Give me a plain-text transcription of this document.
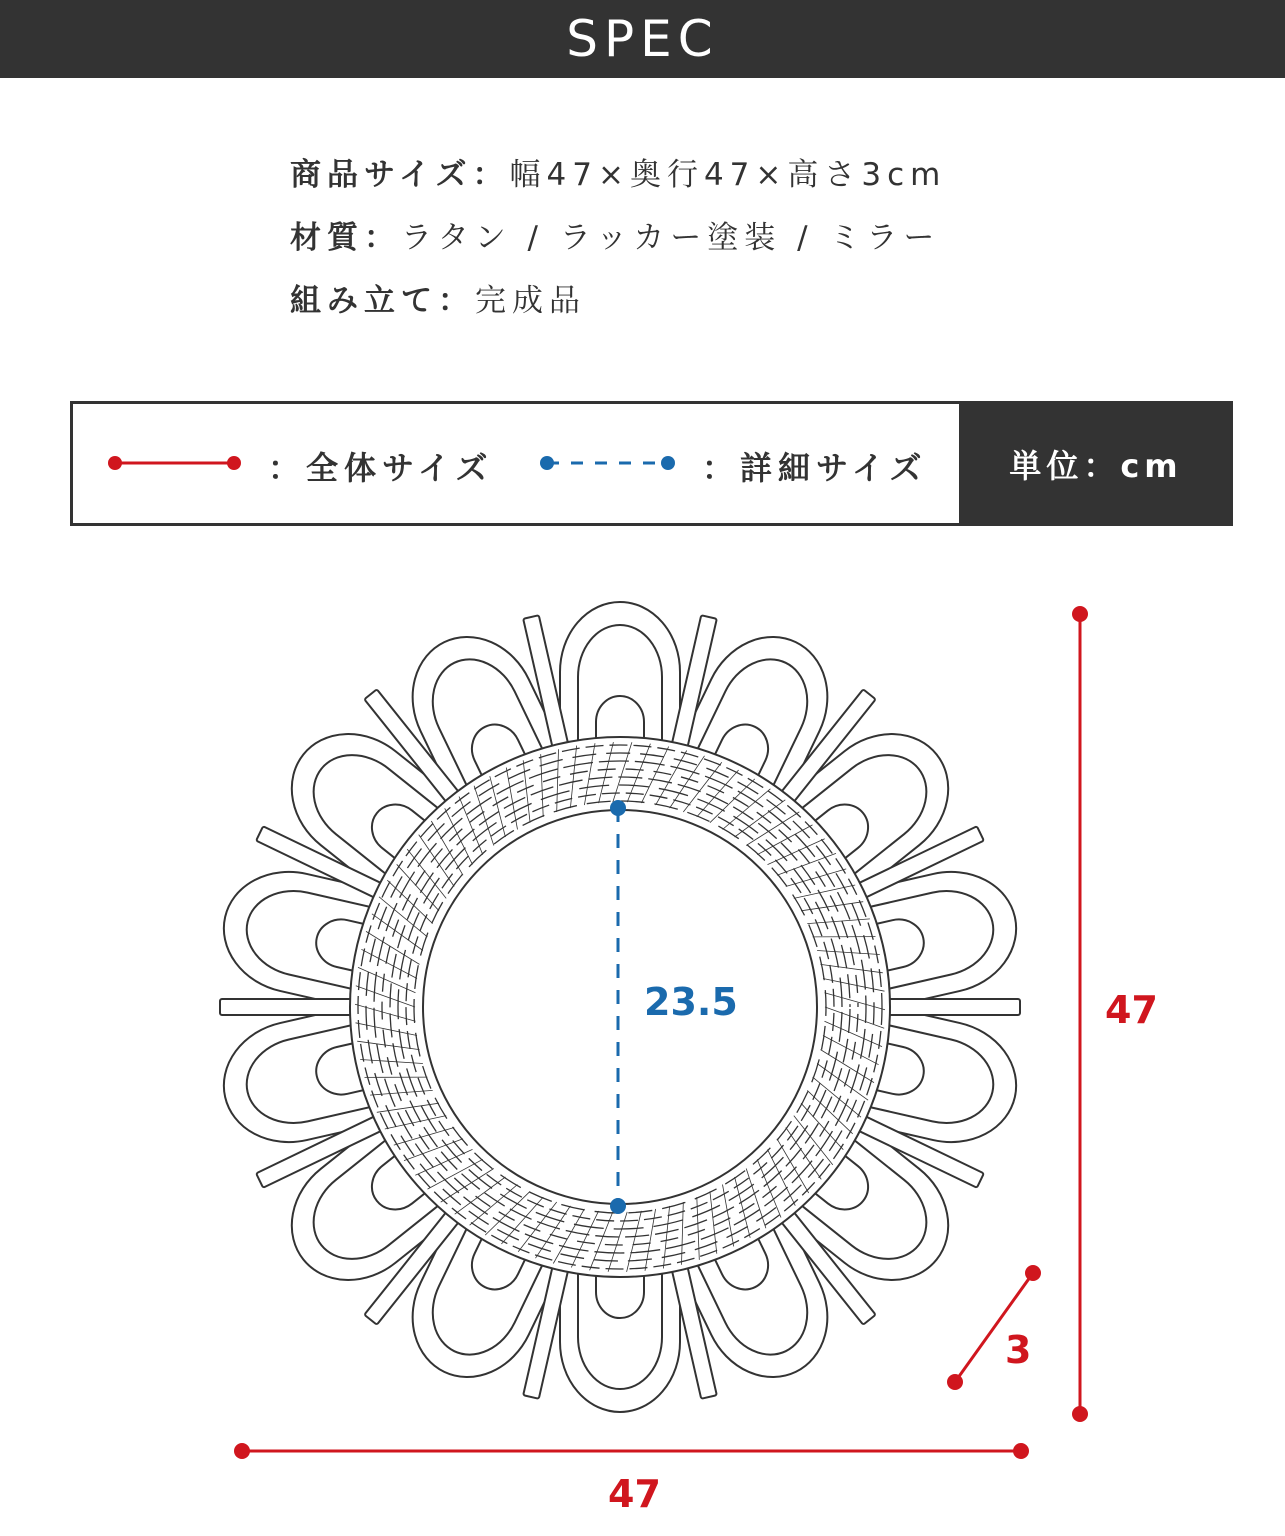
SPEC
商品サイズ： 幅47×奥行47×高さ3cm
材質： ラタン / ラッカー塗装 / ミラー
組み立て： 完成品
：全体サイズ	：詳細サイズ	単位：cm
23.5	47
47
3
